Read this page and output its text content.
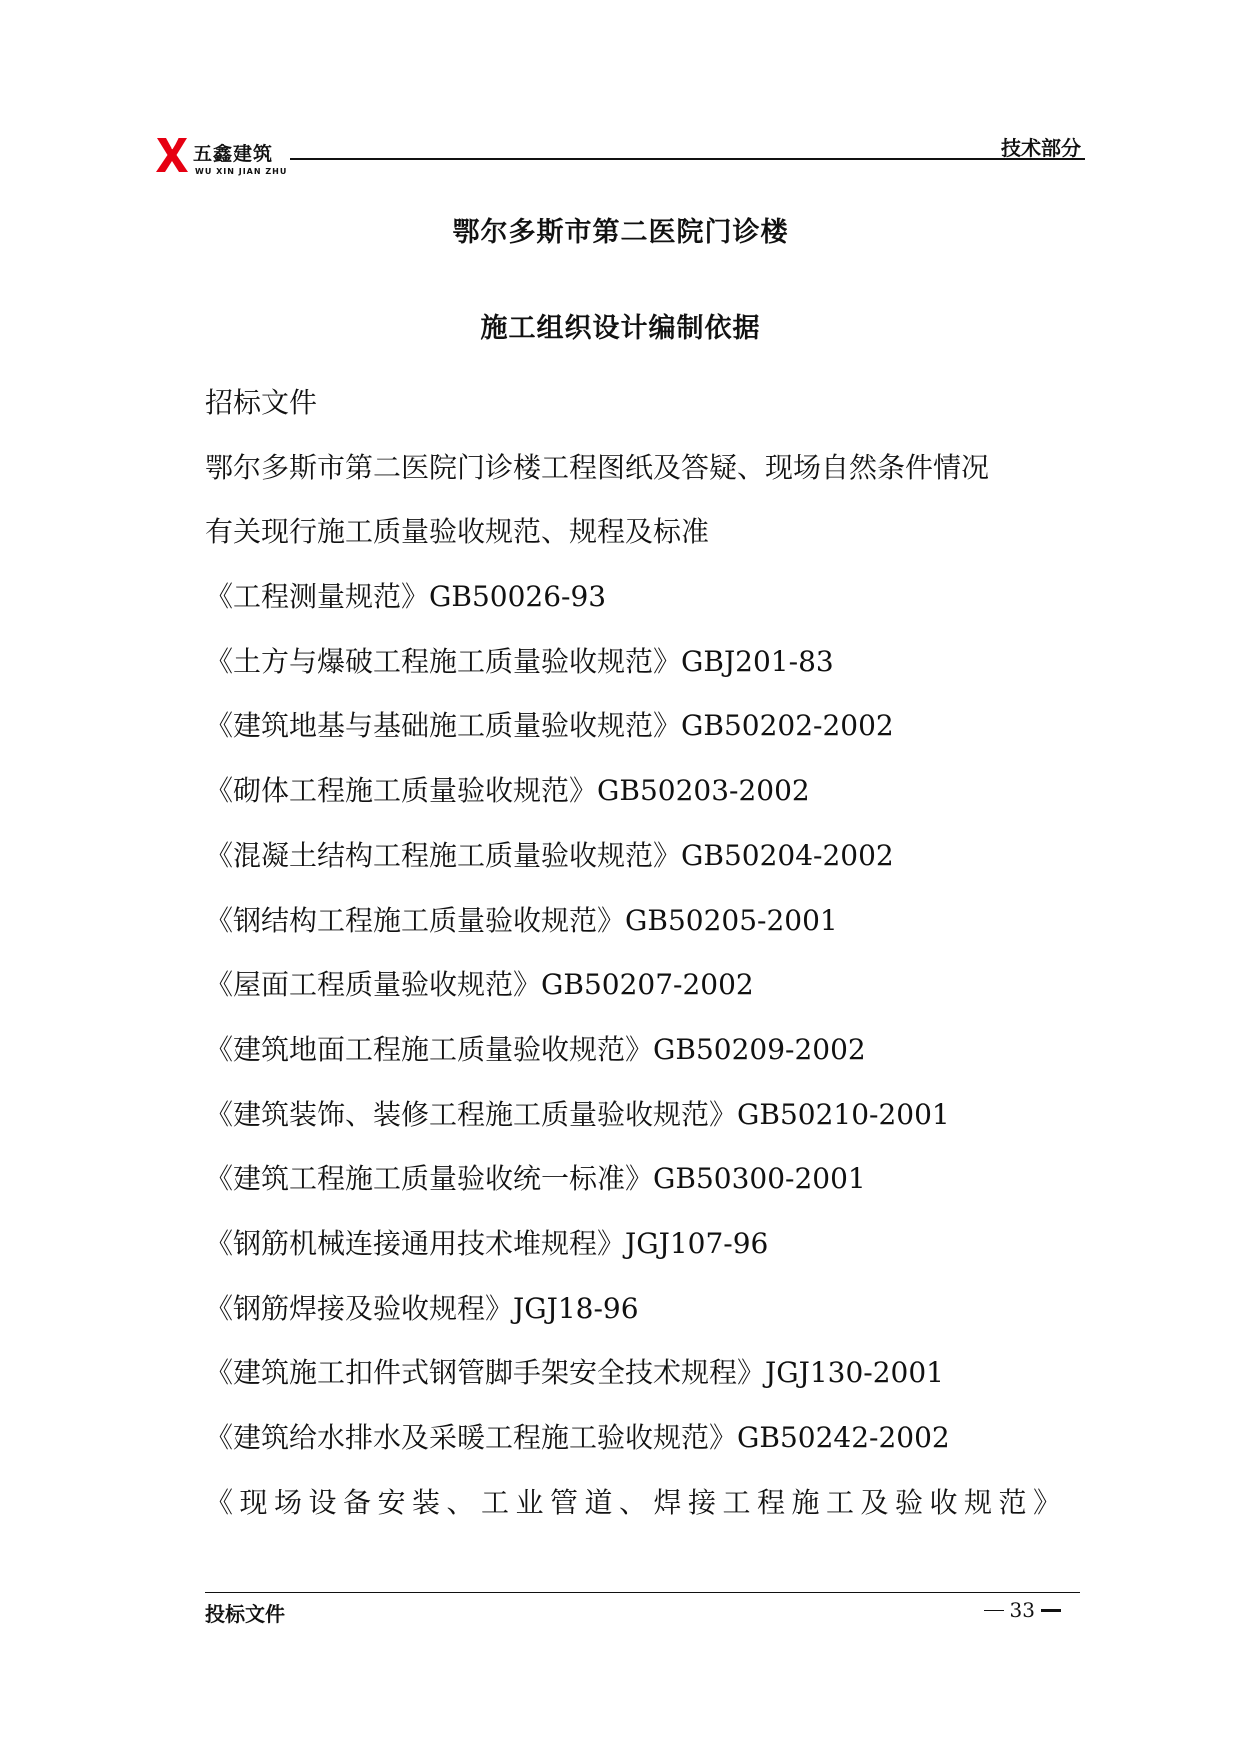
五鑫建筑
WU XIN JIAN ZHU
技术部分
鄂尔多斯市第二医院门诊楼
施工组织设计编制依据
招标文件
鄂尔多斯市第二医院门诊楼工程图纸及答疑、现场自然条件情况
有关现行施工质量验收规范、规程及标准
《工程测量规范》GB50026-93
《土方与爆破工程施工质量验收规范》GBJ201-83
《建筑地基与基础施工质量验收规范》GB50202-2002
《砌体工程施工质量验收规范》GB50203-2002
《混凝土结构工程施工质量验收规范》GB50204-2002
《钢结构工程施工质量验收规范》GB50205-2001
《屋面工程质量验收规范》GB50207-2002
《建筑地面工程施工质量验收规范》GB50209-2002
《建筑装饰、装修工程施工质量验收规范》GB50210-2001
《建筑工程施工质量验收统一标准》GB50300-2001
《钢筋机械连接通用技术堆规程》JGJ107-96
《钢筋焊接及验收规程》JGJ18-96
《建筑施工扣件式钢管脚手架安全技术规程》JGJ130-2001
《建筑给水排水及采暖工程施工验收规范》GB50242-2002
《现场设备安装、工业管道、焊接工程施工及验收规范》
投标文件	33
